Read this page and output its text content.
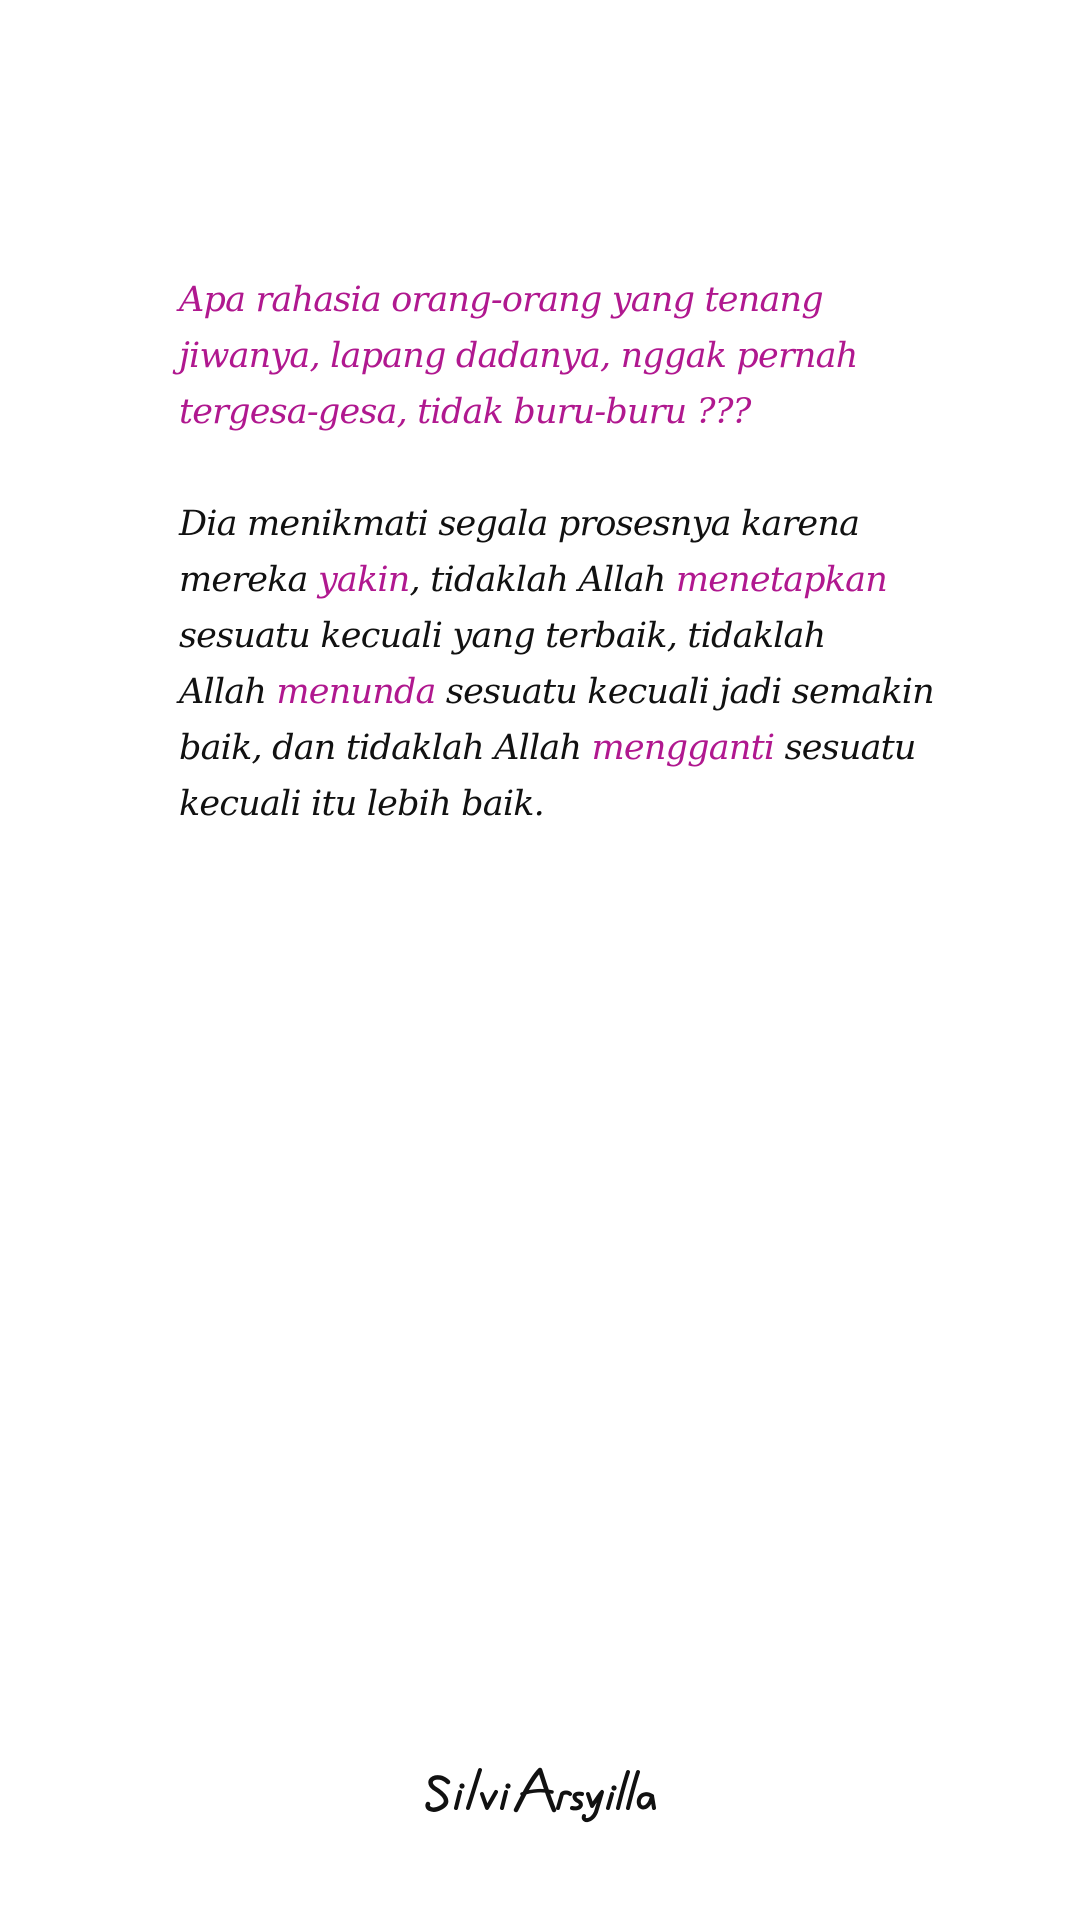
Apa rahasia orang-orang yang tenang
jiwanya, lapang dadanya, nggak pernah
tergesa-gesa, tidak buru-buru ???

Dia menikmati segala prosesnya karena
mereka yakin, tidaklah Allah menetapkan
sesuatu kecuali yang terbaik, tidaklah
Allah menunda sesuatu kecuali jadi semakin
baik, dan tidaklah Allah mengganti sesuatu
kecuali itu lebih baik.
